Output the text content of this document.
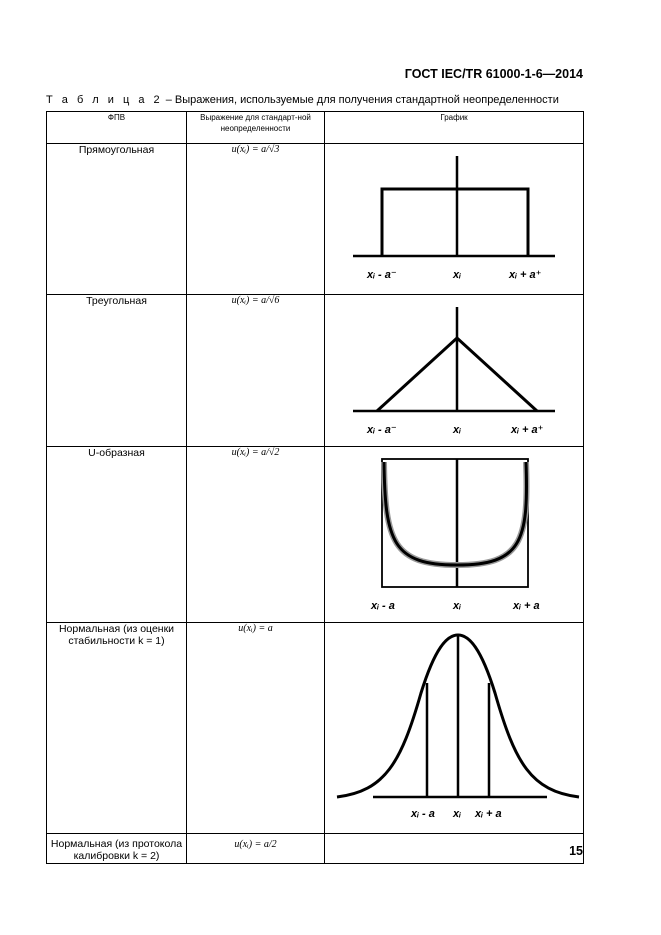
ГОСТ IEC/TR 61000-1-6—2014
Т а б л и ц а 2 – Выражения, используемые для получения стандартной неопределенности
ФПВ	Выражение для стандарт-ной неопределенности	График
Прямоугольная	u(xᵢ) = a/√3	xᵢ - a⁻ xᵢ xᵢ + a⁺

Треугольная	u(xᵢ) = a/√6	xᵢ - a⁻ xᵢ xᵢ + a⁺

U-образная	u(xᵢ) = a/√2	xᵢ - a xᵢ xᵢ + a

Нормальная (из оценки стабильности k = 1)	u(xᵢ) = a	xᵢ - a xᵢ xᵢ + a

Нормальная (из протокола калибровки k = 2)	u(xᵢ) = a/2		15
